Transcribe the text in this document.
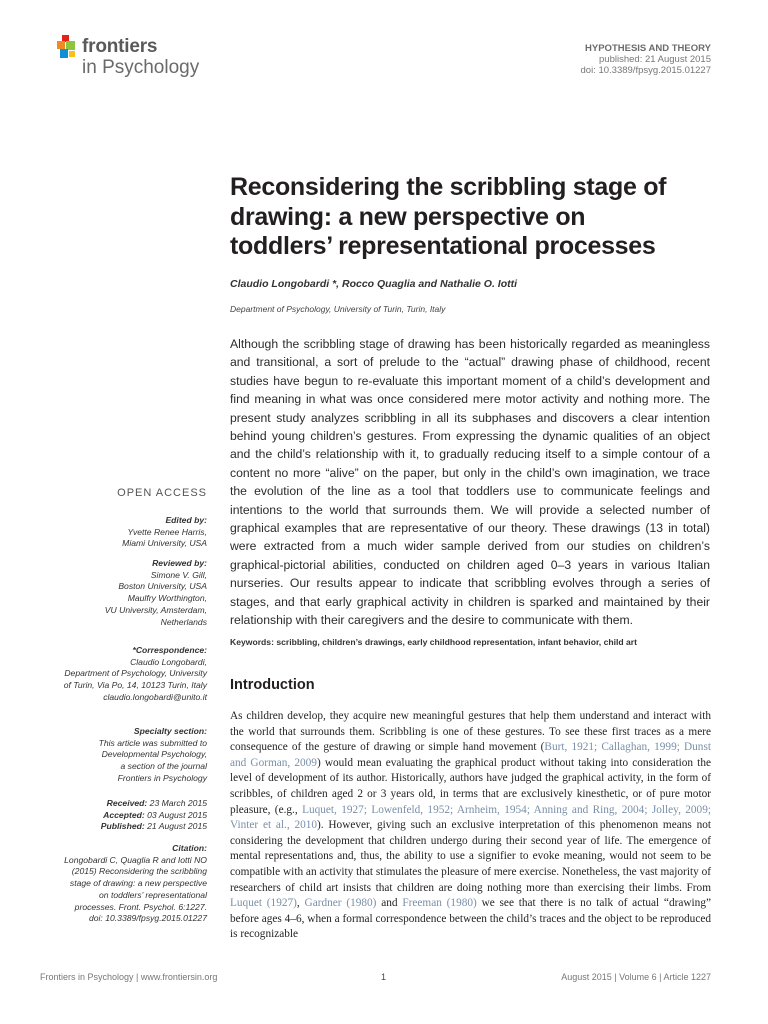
frontiers
in Psychology
HYPOTHESIS AND THEORY
published: 21 August 2015
doi: 10.3389/fpsyg.2015.01227
Reconsidering the scribbling stage of
drawing: a new perspective on
toddlers’ representational processes
Claudio Longobardi *, Rocco Quaglia and Nathalie O. Iotti
Department of Psychology, University of Turin, Turin, Italy
Although the scribbling stage of drawing has been historically regarded as meaningless and transitional, a sort of prelude to the “actual” drawing phase of childhood, recent studies have begun to re-evaluate this important moment of a child’s development and find meaning in what was once considered mere motor activity and nothing more. The present study analyzes scribbling in all its subphases and discovers a clear intention behind young children’s gestures. From expressing the dynamic qualities of an object and the child’s relationship with it, to gradually reducing itself to a simple contour of a content no more “alive” on the paper, but only in the child’s own imagination, we trace the evolution of the line as a tool that toddlers use to communicate feelings and intentions to the world that surrounds them. We will provide a selected number of graphical examples that are representative of our theory. These drawings (13 in total) were extracted from a much wider sample derived from our studies on children’s graphical-pictorial abilities, conducted on children aged 0–3 years in various Italian nurseries. Our results appear to indicate that scribbling evolves through a series of stages, and that early graphical activity in children is sparked and maintained by their relationship with their caregivers and the desire to communicate with them.
Keywords: scribbling, children’s drawings, early childhood representation, infant behavior, child art
OPEN ACCESS
Edited by:
Yvette Renee Harris,
Miami University, USA
Reviewed by:
Simone V. Gill,
Boston University, USA
Maulfry Worthington,
VU University, Amsterdam,
Netherlands
*Correspondence:
Claudio Longobardi,
Department of Psychology, University
of Turin, Via Po, 14, 10123 Turin, Italy
claudio.longobardi@unito.it
Specialty section:
This article was submitted to
Developmental Psychology,
a section of the journal
Frontiers in Psychology
Received: 23 March 2015
Accepted: 03 August 2015
Published: 21 August 2015
Citation:
Longobardi C, Quaglia R and Iotti NO
(2015) Reconsidering the scribbling
stage of drawing: a new perspective
on toddlers’ representational
processes. Front. Psychol. 6:1227.
doi: 10.3389/fpsyg.2015.01227
Introduction
As children develop, they acquire new meaningful gestures that help them understand and interact with the world that surrounds them. Scribbling is one of these gestures. To see these first traces as a mere consequence of the gesture of drawing or simple hand movement (Burt, 1921; Callaghan, 1999; Dunst and Gorman, 2009) would mean evaluating the graphical product without taking into consideration the level of development of its author. Historically, authors have judged the graphical activity, in the form of scribbles, of children aged 2 or 3 years old, in terms that are exclusively kinesthetic, or of pure motor pleasure, (e.g., Luquet, 1927; Lowenfeld, 1952; Arnheim, 1954; Anning and Ring, 2004; Jolley, 2009; Vinter et al., 2010). However, giving such an exclusive interpretation of this phenomenon means not considering the development that children undergo during their second year of life. The emergence of mental representations and, thus, the ability to use a signifier to evoke meaning, would not seem to be compatible with an activity that stimulates the pleasure of mere exercise. Nonetheless, the vast majority of researchers of child art insists that children are doing nothing more than exercising their limbs. From Luquet (1927), Gardner (1980) and Freeman (1980) we see that there is no talk of actual “drawing” before ages 4–6, when a formal correspondence between the child’s traces and the object to be reproduced is recognizable
Frontiers in Psychology | www.frontiersin.org	1	August 2015 | Volume 6 | Article 1227
